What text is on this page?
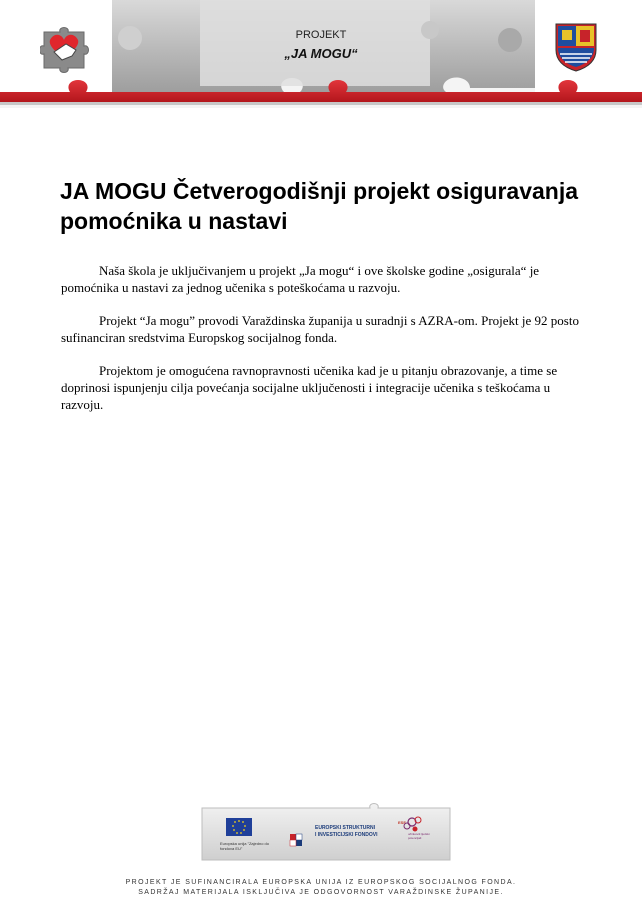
PROJEKT
„JA MOGU“
JA MOGU Četverogodišnji projekt osiguravanja pomoćnika u nastavi

Naša škola je uključivanjem u projekt „Ja mogu“ i ove školske godine „osigurala“ je pomoćnika u nastavi za jednog učenika s poteškoćama u razvoju.

Projekt “Ja mogu” provodi Varaždinska županija u suradnji s AZRA-om. Projekt je 92 posto sufinanciran sredstvima Europskog socijalnog fonda.

Projektom je omogućena ravnopravnosti učenika kad je u pitanju obrazovanje, a time se doprinosi ispunjenju cilja povećanja socijalne uključenosti i integracije učenika s teškoćama u razvoju.

Europska unija "Zajedno do fondova EU"
EUROPSKI STRUKTURNI
I INVESTICIJSKI FONDOVI
ESF
učinkoviti ljudski potencijali
PROJEKT JE SUFINANCIRALA EUROPSKA UNIJA IZ EUROPSKOG SOCIJALNOG FONDA.
SADRŽAJ MATERIJALA ISKLJUČIVA JE ODGOVORNOST VARAŽDINSKE ŽUPANIJE.
